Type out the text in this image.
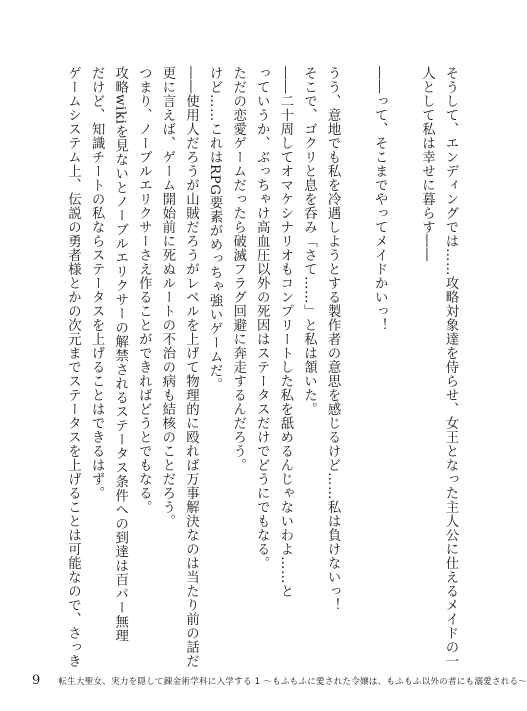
そうして、エンディングでは……攻略対象達を侍らせ、女王となった主人公に仕えるメイドの一
人として私は幸せに暮らす――
――って、そこまでやってメイドかいっ！
うう、意地でも私を冷遇しようとする製作者の意思を感じるけど……私は負けないっ！
そこで、ゴクリと息を呑み「さて……」と私は頷いた。
――二十周してオマケシナリオもコンプリートした私を舐めるんじゃないわよ……と
っていうか、ぶっちゃけ高血圧以外の死因はステータスだけでどうにでもなる。
ただの恋愛ゲームだったら破滅フラグ回避に奔走するんだろう。
けど……これはRPG要素がめっちゃ強いゲームだ。
――使用人だろうが山賊だろうがレベルを上げて物理的に殴れば万事解決なのは当たり前の話だ
更に言えば、ゲーム開始前に死ぬルートの不治の病も結核のことだろう。
つまり、ノーブルエリクサーさえ作ることができればどうとでもなる。
攻略wikiを見ないとノーブルエリクサーの解禁されるステータス条件への到達は百パー無理
だけど、知識チートの私ならステータスを上げることはできるはず。
ゲームシステム上、伝説の勇者様とかの次元までステータスを上げることは可能なので、さっき
9 転生大聖女、実力を隠して錬金術学科に入学する 1 ～もふもふに愛された令嬢は、もふもふ以外の者にも溺愛される～
